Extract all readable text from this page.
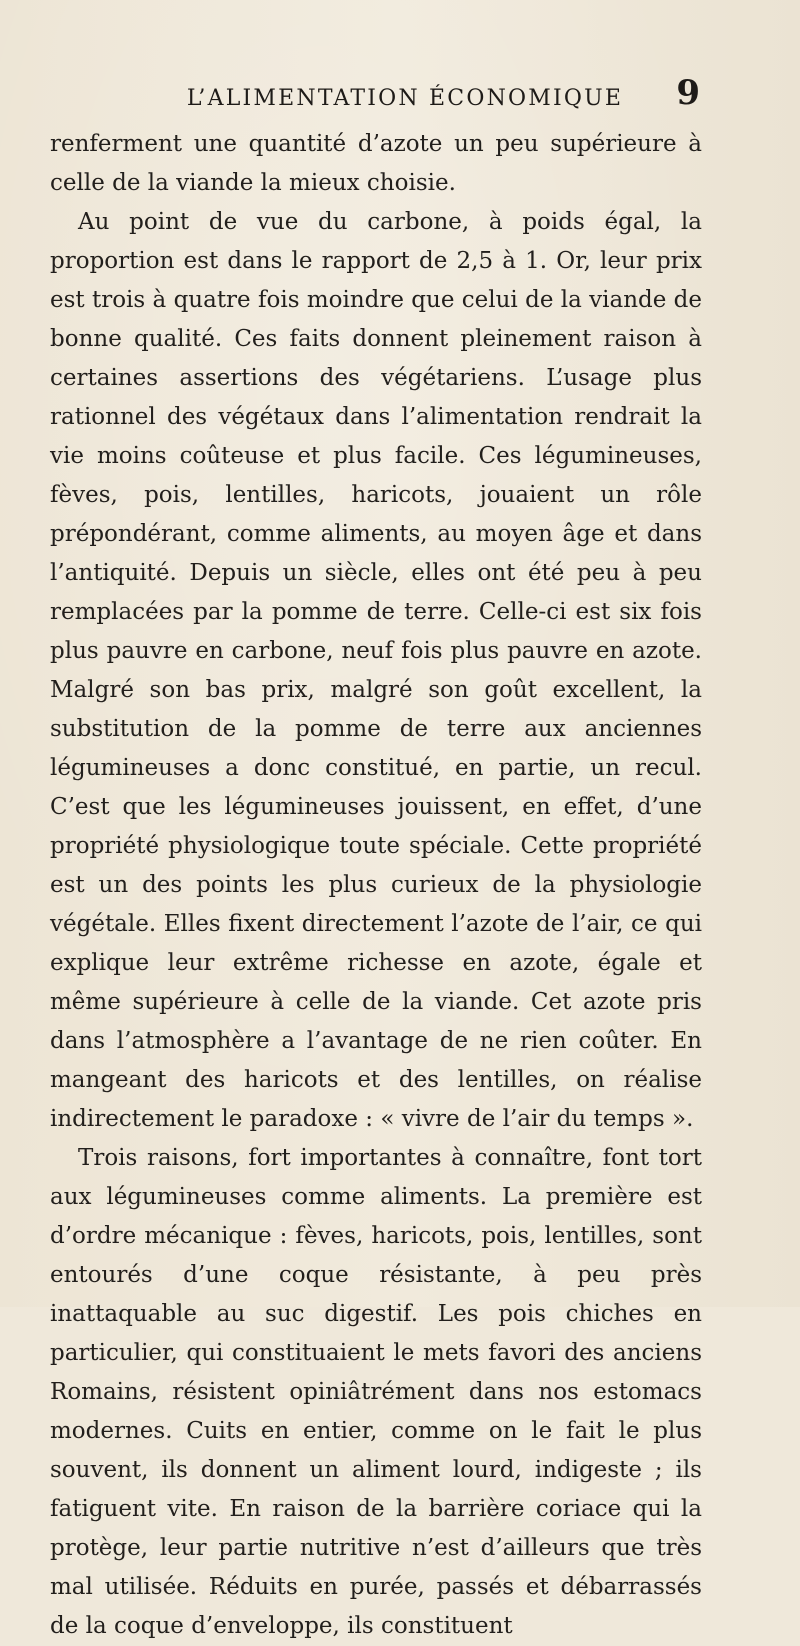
L’ALIMENTATION ÉCONOMIQUE	9

renferment une quantité d’azote un peu supérieure à celle de la viande la mieux choisie.

Au point de vue du carbone, à poids égal, la proportion est dans le rapport de 2,5 à 1. Or, leur prix est trois à quatre fois moindre que celui de la viande de bonne qualité. Ces faits donnent pleinement raison à certaines assertions des végétariens. L’usage plus rationnel des végétaux dans l’alimentation rendrait la vie moins coûteuse et plus facile. Ces légumineuses, fèves, pois, lentilles, haricots, jouaient un rôle prépondérant, comme aliments, au moyen âge et dans l’antiquité. Depuis un siècle, elles ont été peu à peu remplacées par la pomme de terre. Celle-ci est six fois plus pauvre en carbone, neuf fois plus pauvre en azote. Malgré son bas prix, malgré son goût excellent, la substitution de la pomme de terre aux anciennes légumineuses a donc constitué, en partie, un recul. C’est que les légumineuses jouissent, en effet, d’une propriété physiologique toute spéciale. Cette propriété est un des points les plus curieux de la physiologie végétale. Elles fixent directement l’azote de l’air, ce qui explique leur extrême richesse en azote, égale et même supérieure à celle de la viande. Cet azote pris dans l’atmosphère a l’avantage de ne rien coûter. En mangeant des haricots et des lentilles, on réalise indirectement le paradoxe : « vivre de l’air du temps ».

Trois raisons, fort importantes à connaître, font tort aux légumineuses comme aliments. La première est d’ordre mécanique : fèves, haricots, pois, lentilles, sont entourés d’une coque résistante, à peu près inattaquable au suc digestif. Les pois chiches en particulier, qui constituaient le mets favori des anciens Romains, résistent opiniâtrément dans nos estomacs modernes. Cuits en entier, comme on le fait le plus souvent, ils donnent un aliment lourd, indigeste ; ils fatiguent vite. En raison de la barrière coriace qui la protège, leur partie nutritive n’est d’ailleurs que très mal utilisée. Réduits en purée, passés et débarrassés de la coque d’enveloppe, ils constituent
